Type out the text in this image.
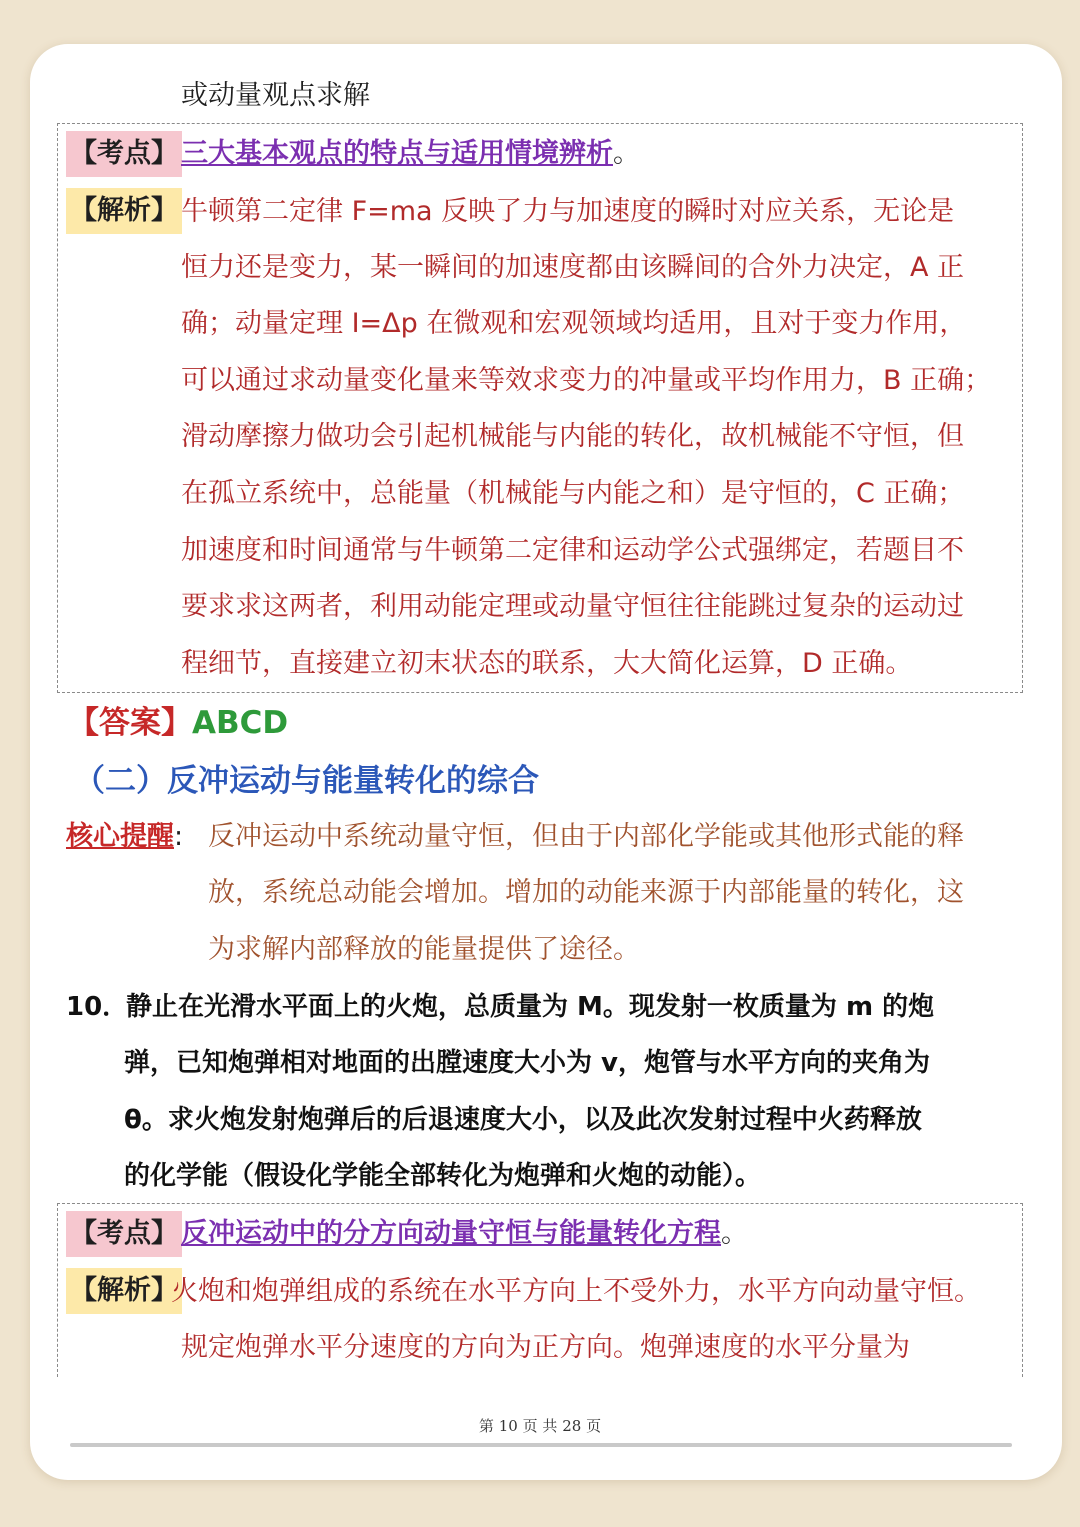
或动量观点求解
【考点】 三大基本观点的特点与适用情境辨析。
【解析】 牛顿第二定律 F=ma 反映了力与加速度的瞬时对应关系，无论是
恒力还是变力，某一瞬间的加速度都由该瞬间的合外力决定，A 正
确；动量定理 I=Δp 在微观和宏观领域均适用，且对于变力作用，
可以通过求动量变化量来等效求变力的冲量或平均作用力，B 正确；
滑动摩擦力做功会引起机械能与内能的转化，故机械能不守恒，但
在孤立系统中，总能量（机械能与内能之和）是守恒的，C 正确；
加速度和时间通常与牛顿第二定律和运动学公式强绑定，若题目不
要求求这两者，利用动能定理或动量守恒往往能跳过复杂的运动过
程细节，直接建立初末状态的联系，大大简化运算，D 正确。
【答案】ABCD
（二）反冲运动与能量转化的综合
核心提醒: 反冲运动中系统动量守恒，但由于内部化学能或其他形式能的释
放，系统总动能会增加。增加的动能来源于内部能量的转化，这
为求解内部释放的能量提供了途径。
10．
静止在光滑水平面上的火炮，总质量为 M。现发射一枚质量为 m 的炮
弹，已知炮弹相对地面的出膛速度大小为 v，炮管与水平方向的夹角为
θ。求火炮发射炮弹后的后退速度大小，以及此次发射过程中火药释放
的化学能（假设化学能全部转化为炮弹和火炮的动能）。
【考点】 反冲运动中的分方向动量守恒与能量转化方程。
【解析】
火炮和炮弹组成的系统在水平方向上不受外力，水平方向动量守恒。
规定炮弹水平分速度的方向为正方向。炮弹速度的水平分量为
第 10 页 共 28 页
